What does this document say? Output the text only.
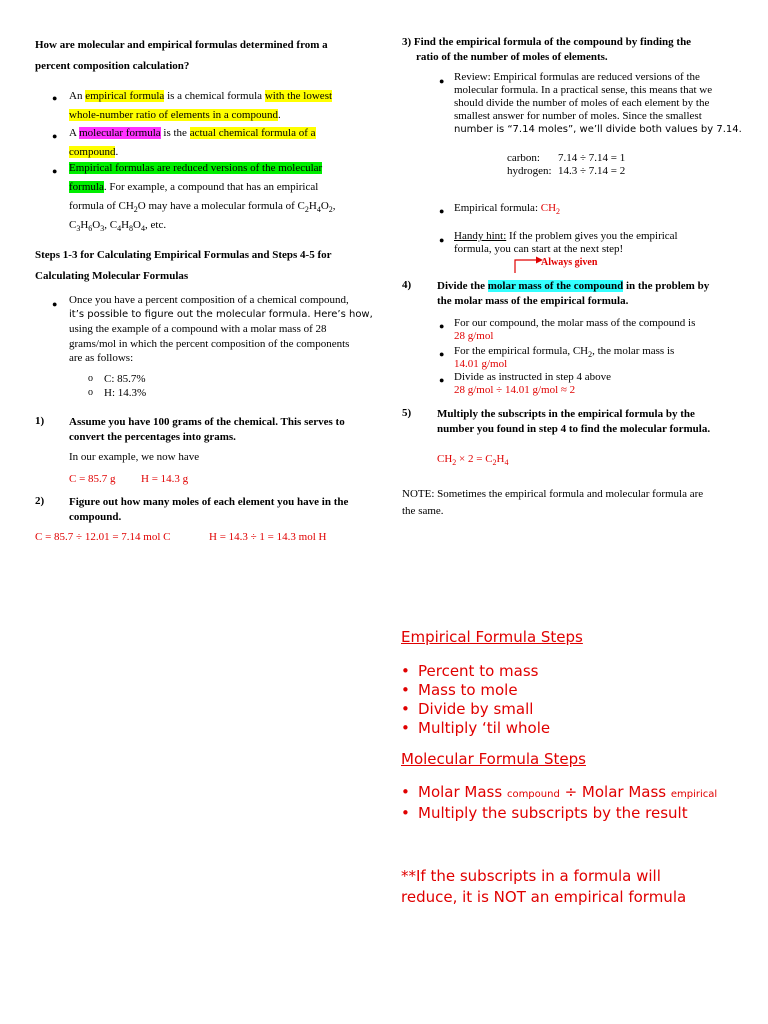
How are molecular and empirical formulas determined from a
percent composition calculation?
● An empirical formula is a chemical formula with the lowest
whole-number ratio of elements in a compound.
● A molecular formula is the actual chemical formula of a
compound.
● Empirical formulas are reduced versions of the molecular
formula. For example, a compound that has an empirical
formula of $CH_2O$ may have a molecular formula of $C_2H_4O_2$,
$C_3H_6O_3$, $C_4H_8O_4$, etc.
Steps 1-3 for Calculating Empirical Formulas and Steps 4-5 for
Calculating Molecular Formulas
● Once you have a percent composition of a chemical compound,
it’s possible to figure out the molecular formula. Here’s how,
using the example of a compound with a molar mass of 28
grams/mol in which the percent composition of the components
are as follows:
o C: 85.7%
o H: 14.3%
1) Assume you have 100 grams of the chemical. This serves to
convert the percentages into grams.
In our example, we now have
C = 85.7 g H = 14.3 g
2) Figure out how many moles of each element you have in the
compound.
C = 85.7 ÷ 12.01 = 7.14 mol C	H = 14.3 ÷ 1 = 14.3 mol H
3) Find the empirical formula of the compound by finding the
ratio of the number of moles of elements.
● Review: Empirical formulas are reduced versions of the
molecular formula. In a practical sense, this means that we
should divide the number of moles of each element by the
smallest answer for number of moles. Since the smallest
number is “7.14 moles”, we’ll divide both values by 7.14.
carbon: 7.14 ÷ 7.14 = 1
hydrogen: 14.3 ÷ 7.14 = 2
● Empirical formula: $CH_2$
● Handy hint: If the problem gives you the empirical
formula, you can start at the next step!
Always given
4) Divide the molar mass of the compound in the problem by
the molar mass of the empirical formula.
● For our compound, the molar mass of the compound is
28 g/mol
● For the empirical formula, $CH_2$, the molar mass is
14.01 g/mol
● Divide as instructed in step 4 above
28 g/mol ÷ 14.01 g/mol ≈ 2
5) Multiply the subscripts in the empirical formula by the
number you found in step 4 to find the molecular formula.
$CH_2 \times 2 = C_2H_4$
NOTE: Sometimes the empirical formula and molecular formula are
the same.
Empirical Formula Steps
• Percent to mass
• Mass to mole
• Divide by small
• Multiply ‘til whole
Molecular Formula Steps
• Molar Mass compound ÷ Molar Mass empirical
• Multiply the subscripts by the result
**If the subscripts in a formula will
reduce, it is NOT an empirical formula
